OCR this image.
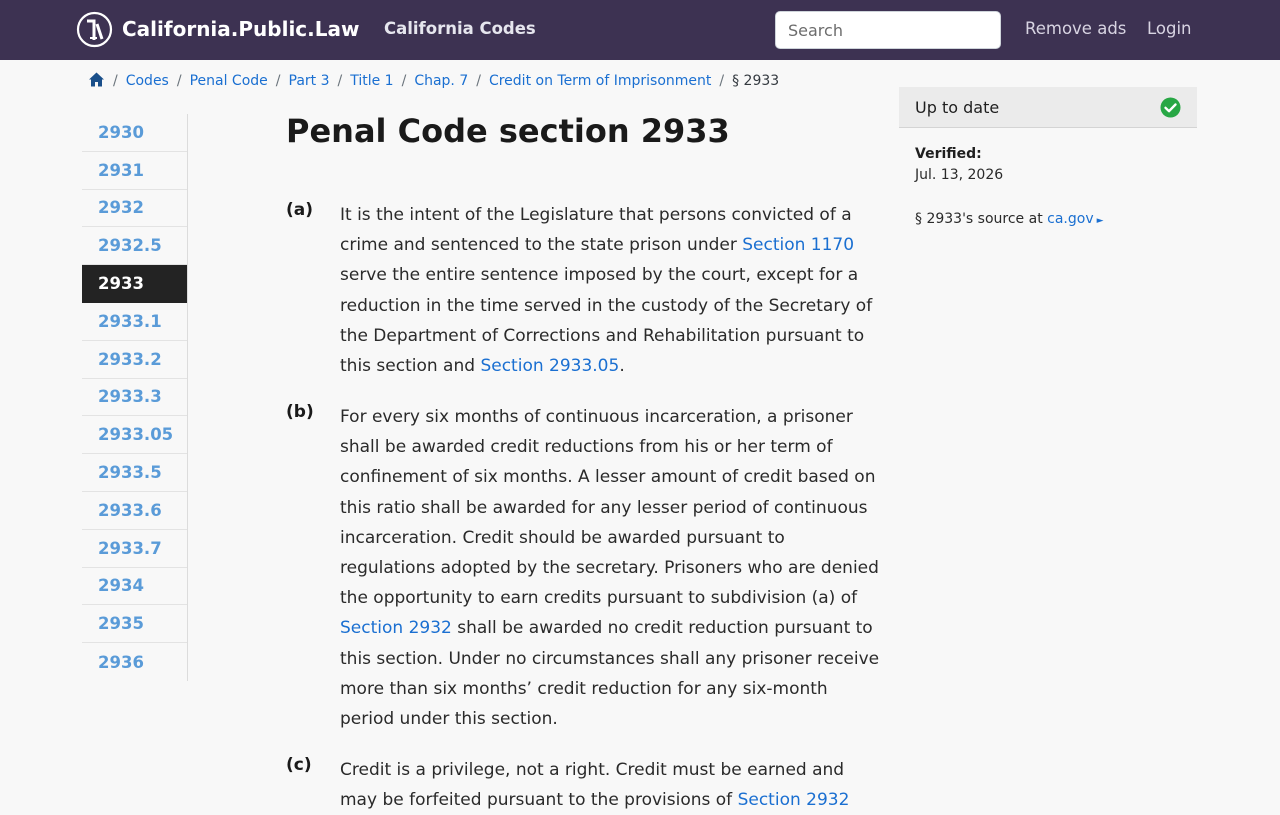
California.Public.Law California Codes
Search	Remove ads Login
/ Codes / Penal Code / Part 3 / Title 1 / Chap. 7 / Credit on Term of Imprisonment / § 2933
2930
2931
2932
2932.5
2933
2933.1
2933.2
2933.3
2933.05
2933.5
2933.6
2933.7
2934
2935
2936
Penal Code section 2933
(a) It is the intent of the Legislature that persons convicted of a crime and sentenced to the state prison under Section 1170 serve the entire sentence imposed by the court, except for a reduction in the time served in the custody of the Secretary of the Department of Corrections and Rehabilitation pursuant to this section and Section 2933.05.

(b) For every six months of continuous incarceration, a prisoner shall be awarded credit reductions from his or her term of confinement of six months. A lesser amount of credit based on this ratio shall be awarded for any lesser period of continuous incarceration. Credit should be awarded pursuant to regulations adopted by the secretary. Prisoners who are denied the opportunity to earn credits pursuant to subdivision (a) of Section 2932 shall be awarded no credit reduction pursuant to this section. Under no circumstances shall any prisoner receive more than six months’ credit reduction for any six-month period under this section.

(c) Credit is a privilege, not a right. Credit must be earned and may be forfeited pursuant to the provisions of Section 2932

Up to date
Verified:
Jul. 13, 2026
§ 2933's source at ca.gov ►
